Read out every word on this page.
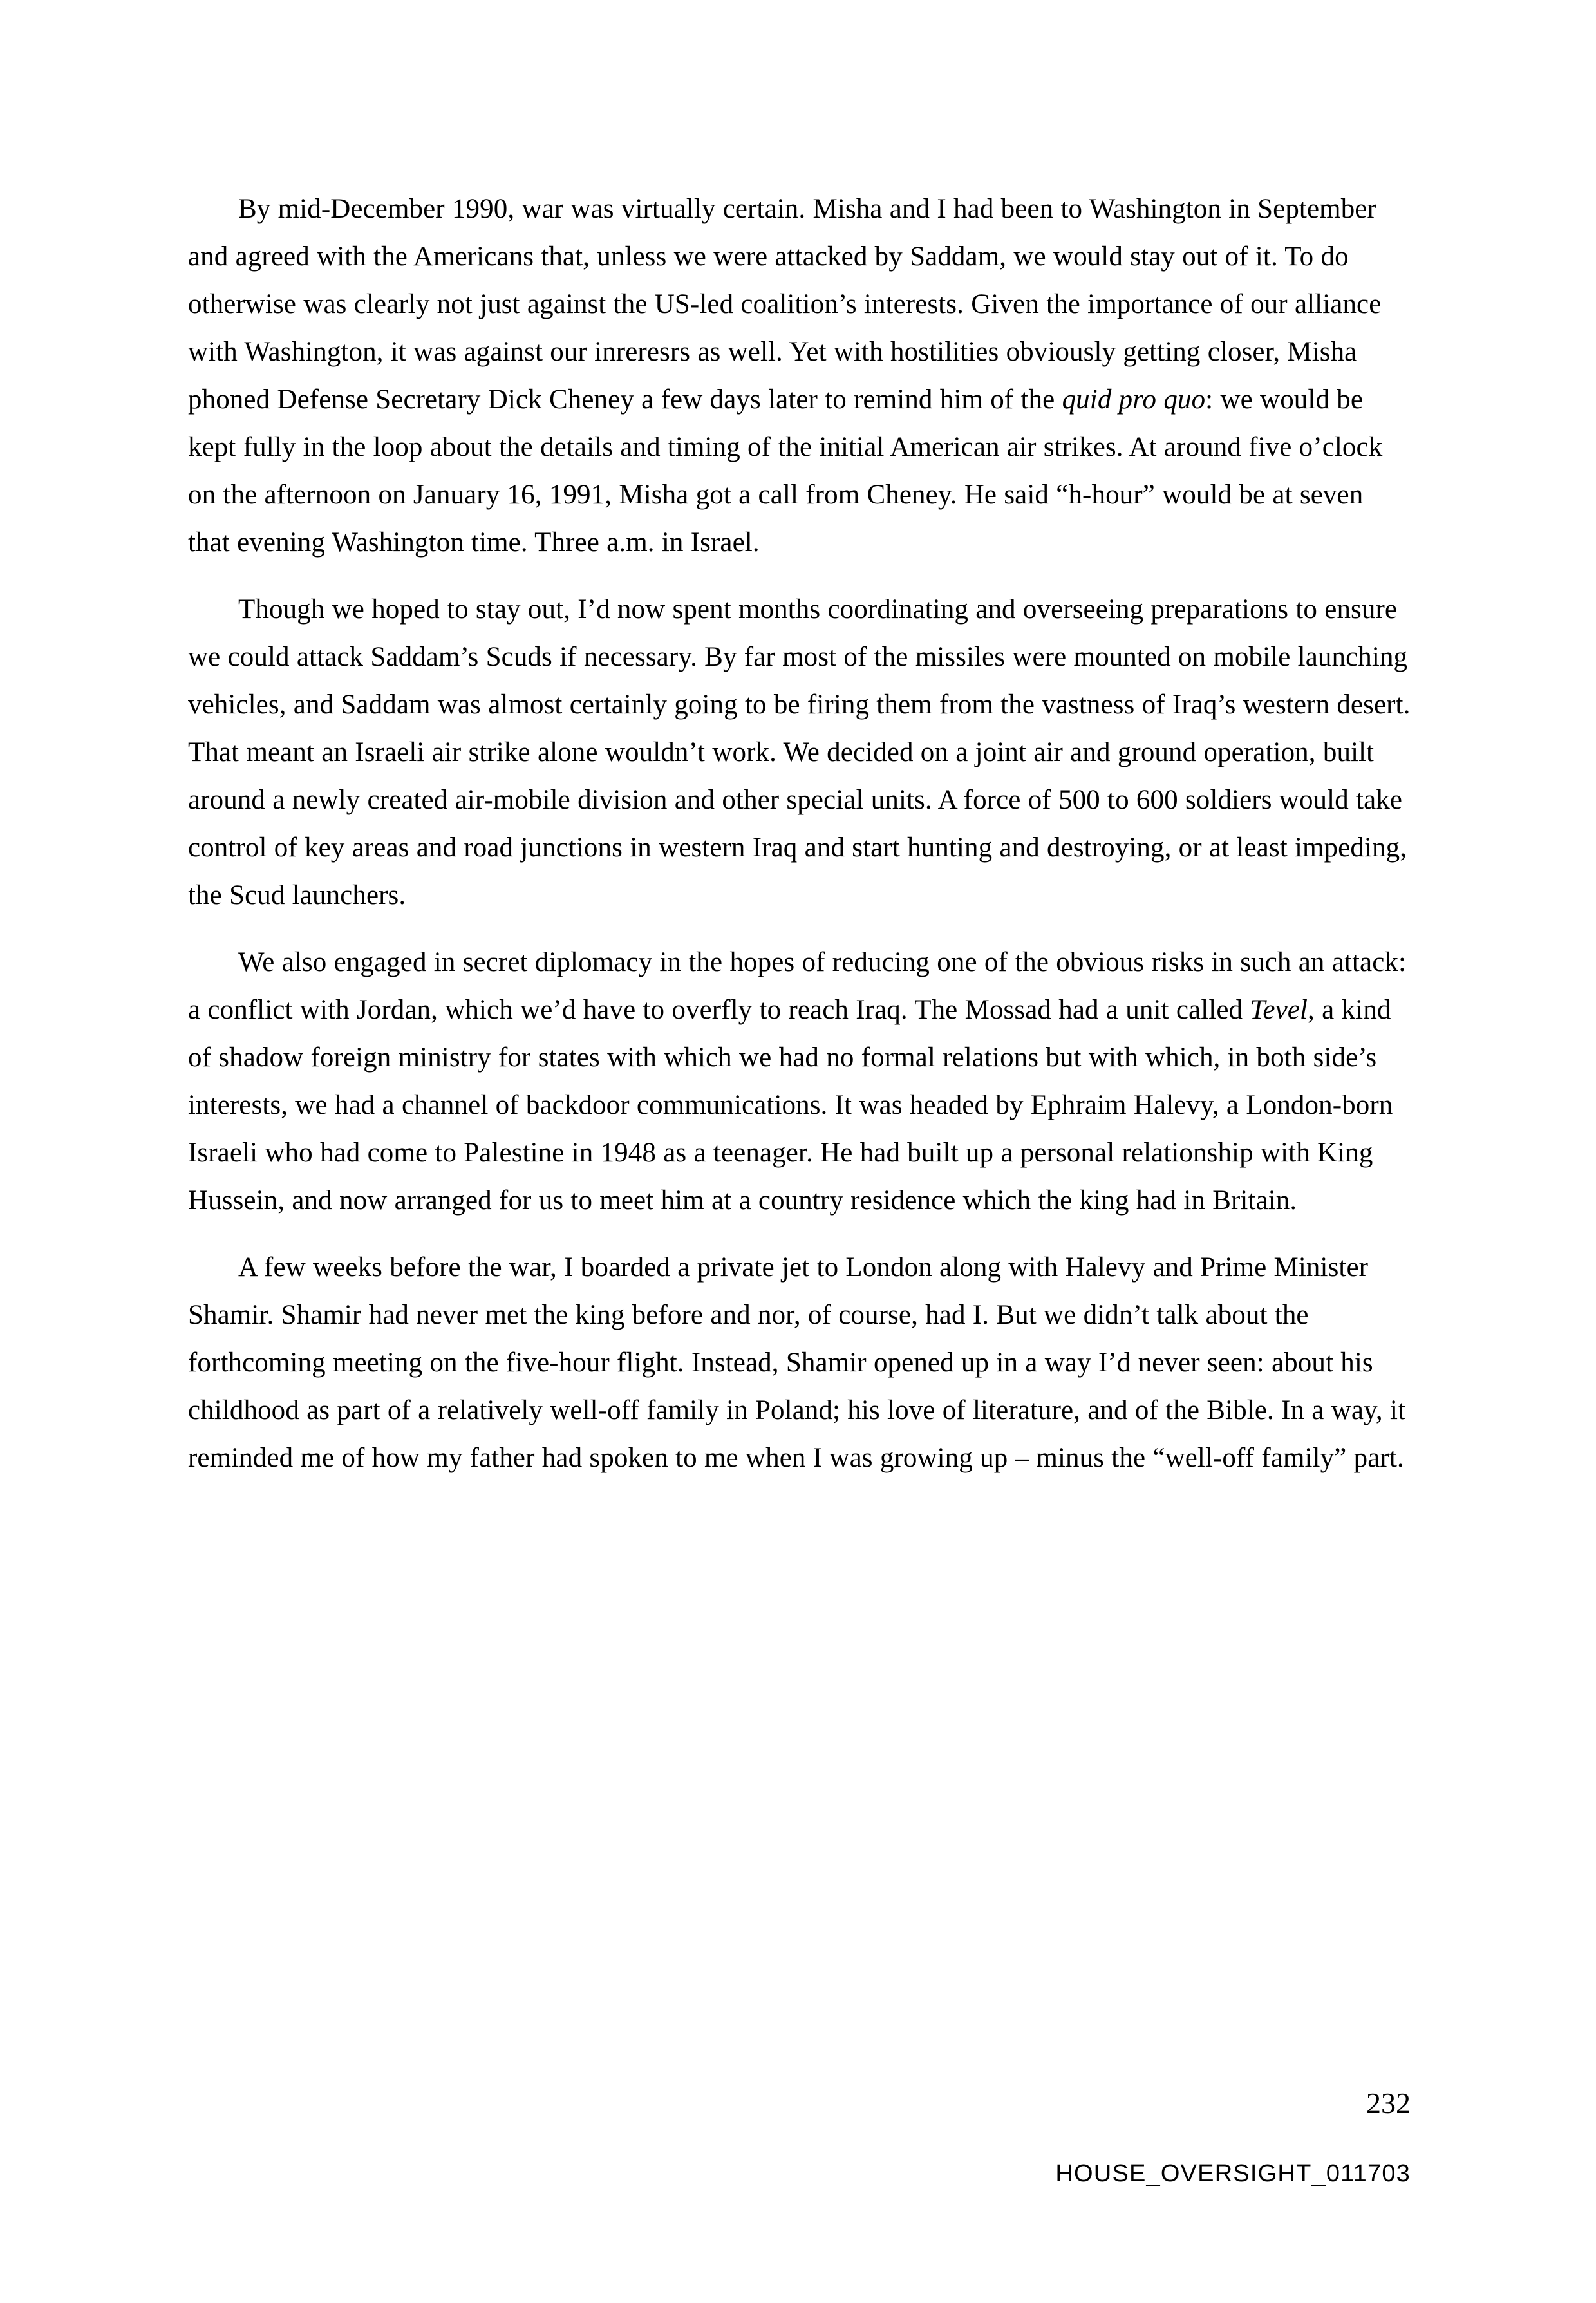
By mid-December 1990, war was virtually certain. Misha and I had been to Washington in September and agreed with the Americans that, unless we were attacked by Saddam, we would stay out of it. To do otherwise was clearly not just against the US-led coalition’s interests. Given the importance of our alliance with Washington, it was against our inreresrs as well. Yet with hostilities obviously getting closer, Misha phoned Defense Secretary Dick Cheney a few days later to remind him of the quid pro quo: we would be kept fully in the loop about the details and timing of the initial American air strikes. At around five o’clock on the afternoon on January 16, 1991, Misha got a call from Cheney. He said “h-hour” would be at seven that evening Washington time. Three a.m. in Israel.

Though we hoped to stay out, I’d now spent months coordinating and overseeing preparations to ensure we could attack Saddam’s Scuds if necessary. By far most of the missiles were mounted on mobile launching vehicles, and Saddam was almost certainly going to be firing them from the vastness of Iraq’s western desert. That meant an Israeli air strike alone wouldn’t work. We decided on a joint air and ground operation, built around a newly created air-mobile division and other special units. A force of 500 to 600 soldiers would take control of key areas and road junctions in western Iraq and start hunting and destroying, or at least impeding, the Scud launchers.

We also engaged in secret diplomacy in the hopes of reducing one of the obvious risks in such an attack: a conflict with Jordan, which we’d have to overfly to reach Iraq. The Mossad had a unit called Tevel, a kind of shadow foreign ministry for states with which we had no formal relations but with which, in both side’s interests, we had a channel of backdoor communications. It was headed by Ephraim Halevy, a London-born Israeli who had come to Palestine in 1948 as a teenager. He had built up a personal relationship with King Hussein, and now arranged for us to meet him at a country residence which the king had in Britain.

A few weeks before the war, I boarded a private jet to London along with Halevy and Prime Minister Shamir. Shamir had never met the king before and nor, of course, had I. But we didn’t talk about the forthcoming meeting on the five-hour flight. Instead, Shamir opened up in a way I’d never seen: about his childhood as part of a relatively well-off family in Poland; his love of literature, and of the Bible. In a way, it reminded me of how my father had spoken to me when I was growing up – minus the “well-off family” part.

232
HOUSE_OVERSIGHT_011703
